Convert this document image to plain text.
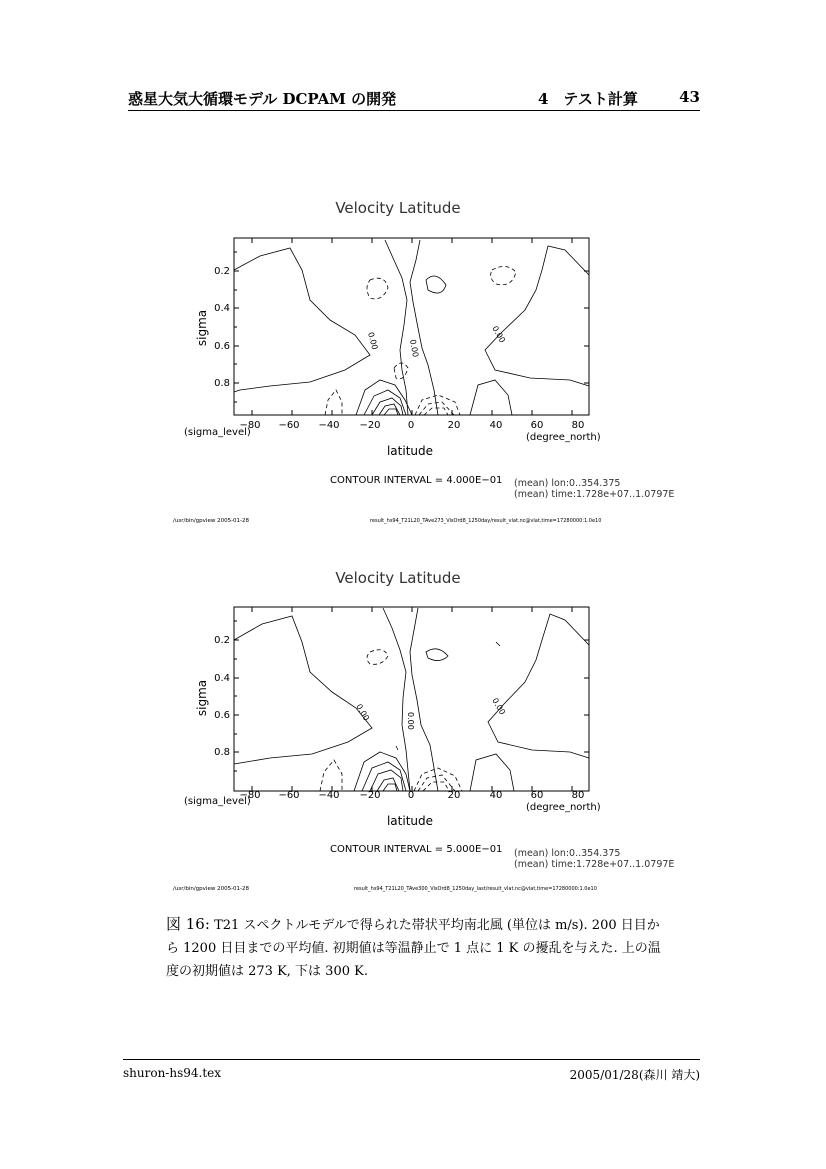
惑星大気大循環モデル DCPAM の開発	4　テスト計算	43
Velocity Latitude
0.2
0.4
0.6
0.8
sigma
−80 −60 −40 −20	0	20	40	60	80
(sigma_level)	(degree_north)
latitude
0.00	0.00
0.00
CONTOUR INTERVAL = 4.000E−01 (mean) lon:0..354.375
(mean) time:1.728e+07..1.0797E
/usr/bin/gpview 2005-01-28	result_hs94_T21L20_TAve273_VisOrd8_1250day/result_vlat.nc@vlat,time=17280000:1.0e10
Velocity Latitude
0.2
0.4
0.6
0.8
sigma
−80 −60 −40 −20	0	20	40	60	80
(sigma_level)
(degree_north)
latitude
0.00	0.00
0.00
CONTOUR INTERVAL = 5.000E−01 (mean) lon:0..354.375
(mean) time:1.728e+07..1.0797E
/usr/bin/gpview 2005-01-28	result_hs94_T21L20_TAve300_VisOrd8_1250day_last/result_vlat.nc@vlat,time=17280000:1.0e10
図 16: T21 スペクトルモデルで得られた帯状平均南北風 (単位は m/s). 200 日目から 1200 日目までの平均値. 初期値は等温静止で 1 点に 1 K の擾乱を与えた. 上の温度の初期値は 273 K, 下は 300 K.
shuron-hs94.tex	2005/01/28(森川 靖大)
